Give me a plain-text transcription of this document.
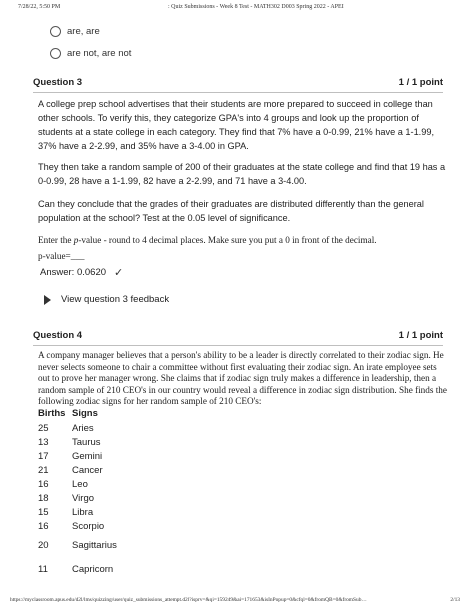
7/28/22, 5:50 PM	: Quiz Submissions - Week 8 Test - MATH302 D003 Spring 2022 - APEI
are, are
are not, are not
Question 3	1 / 1 point

A college prep school advertises that their students are more prepared to succeed in college than other schools. To verify this, they categorize GPA's into 4 groups and look up the proportion of students at a state college in each category. They find that 7% have a 0-0.99, 21% have a 1-1.99, 37% have a 2-2.99, and 35% have a 3-4.00 in GPA.

They then take a random sample of 200 of their graduates at the state college and find that 19 has a 0-0.99, 28 have a 1-1.99, 82 have a 2-2.99, and 71 have a 3-4.00.

Can they conclude that the grades of their graduates are distributed differently than the general population at the school? Test at the 0.05 level of significance.

Enter the p-value - round to 4 decimal places. Make sure you put a 0 in front of the decimal.

p-value=___

Answer: 0.0620 ✓
View question 3 feedback
Question 4	1 / 1 point

A company manager believes that a person's ability to be a leader is directly correlated to their zodiac sign. He never selects someone to chair a committee without first evaluating their zodiac sign. An irate employee sets out to prove her manager wrong. She claims that if zodiac sign truly makes a difference in leadership, then a random sample of 210 CEO's in our country would reveal a difference in zodiac sign distribution. She finds the following zodiac signs for her random sample of 210 CEO's:

Births Signs
25 Aries
13 Taurus
17 Gemini
21 Cancer
16 Leo
18 Virgo
15 Libra
16 Scorpio
20 Sagittarius
11	Capricorn
https://myclassroom.apus.edu/d2l/lms/quizzing/user/quiz_submissions_attempt.d2l?isprv=&qi=159249&ai=171653&isInPopup=0&cfql=0&fromQB=0&fromSub…	2/13
